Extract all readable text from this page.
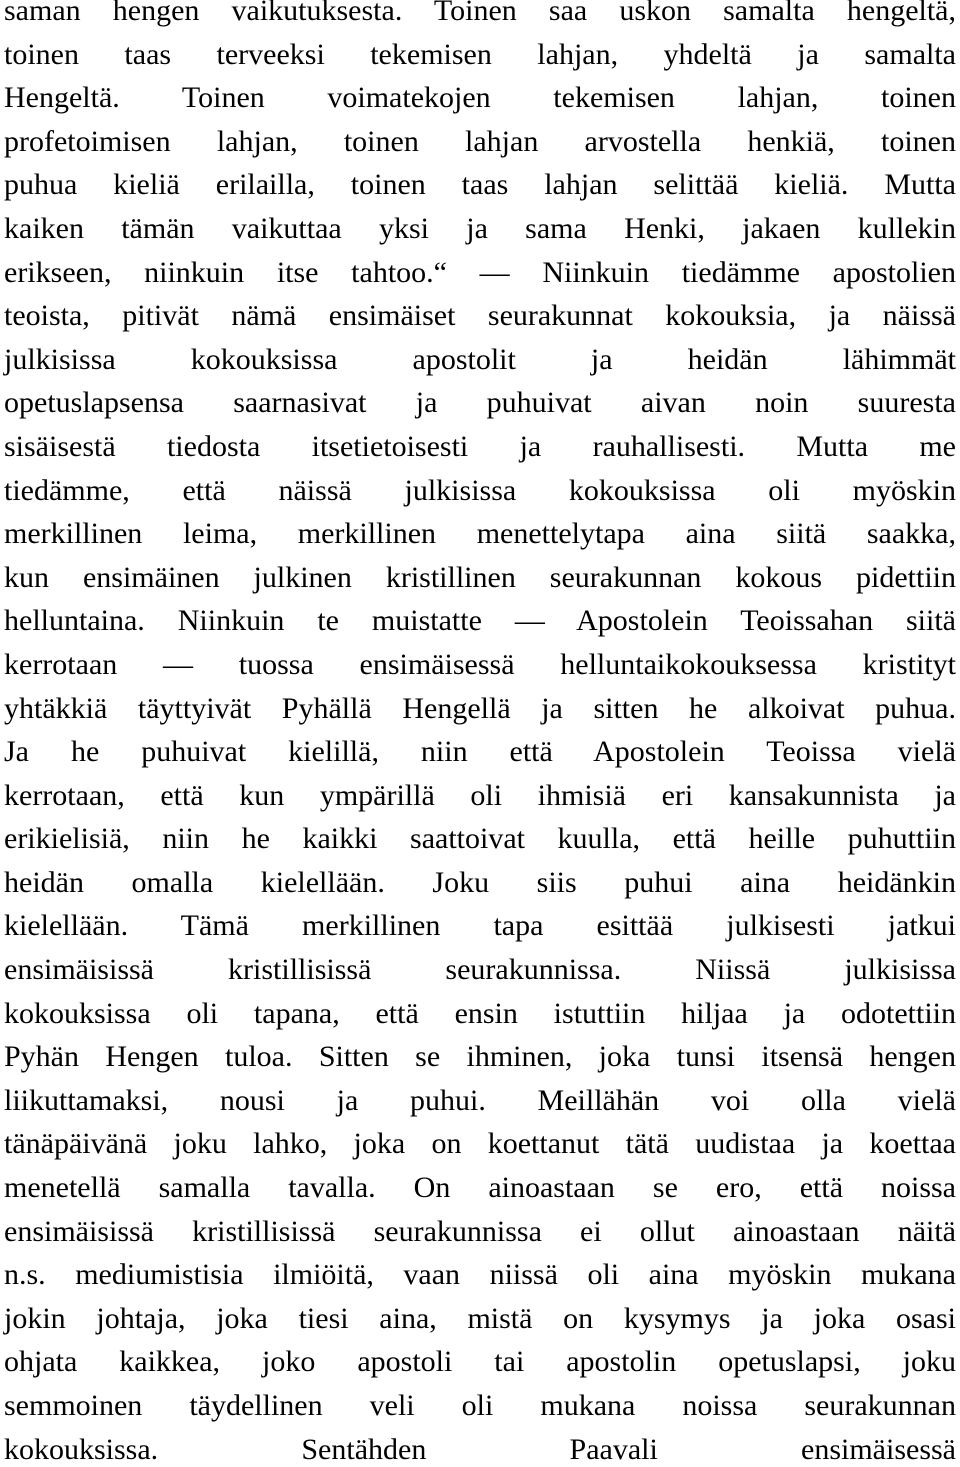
saman hengen vaikutuksesta. Toinen saa uskon samalta hengeltä,
toinen taas terveeksi tekemisen lahjan, yhdeltä ja samalta
Hengeltä. Toinen voimatekojen tekemisen lahjan, toinen
profetoimisen lahjan, toinen lahjan arvostella henkiä, toinen
puhua kieliä erilailla, toinen taas lahjan selittää kieliä. Mutta
kaiken tämän vaikuttaa yksi ja sama Henki, jakaen kullekin
erikseen, niinkuin itse tahtoo.“ — Niinkuin tiedämme apostolien
teoista, pitivät nämä ensimäiset seurakunnat kokouksia, ja näissä
julkisissa kokouksissa apostolit ja heidän lähimmät
opetuslapsensa saarnasivat ja puhuivat aivan noin suuresta
sisäisestä tiedosta itsetietoisesti ja rauhallisesti. Mutta me
tiedämme, että näissä julkisissa kokouksissa oli myöskin
merkillinen leima, merkillinen menettelytapa aina siitä saakka,
kun ensimäinen julkinen kristillinen seurakunnan kokous pidettiin
helluntaina. Niinkuin te muistatte — Apostolein Teoissahan siitä
kerrotaan — tuossa ensimäisessä helluntaikokouksessa kristityt
yhtäkkiä täyttyivät Pyhällä Hengellä ja sitten he alkoivat puhua.
Ja he puhuivat kielillä, niin että Apostolein Teoissa vielä
kerrotaan, että kun ympärillä oli ihmisiä eri kansakunnista ja
erikielisiä, niin he kaikki saattoivat kuulla, että heille puhuttiin
heidän omalla kielellään. Joku siis puhui aina heidänkin
kielellään. Tämä merkillinen tapa esittää julkisesti jatkui
ensimäisissä kristillisissä seurakunnissa. Niissä julkisissa
kokouksissa oli tapana, että ensin istuttiin hiljaa ja odotettiin
Pyhän Hengen tuloa. Sitten se ihminen, joka tunsi itsensä hengen
liikuttamaksi, nousi ja puhui. Meillähän voi olla vielä
tänäpäivänä joku lahko, joka on koettanut tätä uudistaa ja koettaa
menetellä samalla tavalla. On ainoastaan se ero, että noissa
ensimäisissä kristillisissä seurakunnissa ei ollut ainoastaan näitä
n.s. mediumistisia ilmiöitä, vaan niissä oli aina myöskin mukana
jokin johtaja, joka tiesi aina, mistä on kysymys ja joka osasi
ohjata kaikkea, joko apostoli tai apostolin opetuslapsi, joku
semmoinen täydellinen veli oli mukana noissa seurakunnan
kokouksissa. Sentähden Paavali ensimäisessä
